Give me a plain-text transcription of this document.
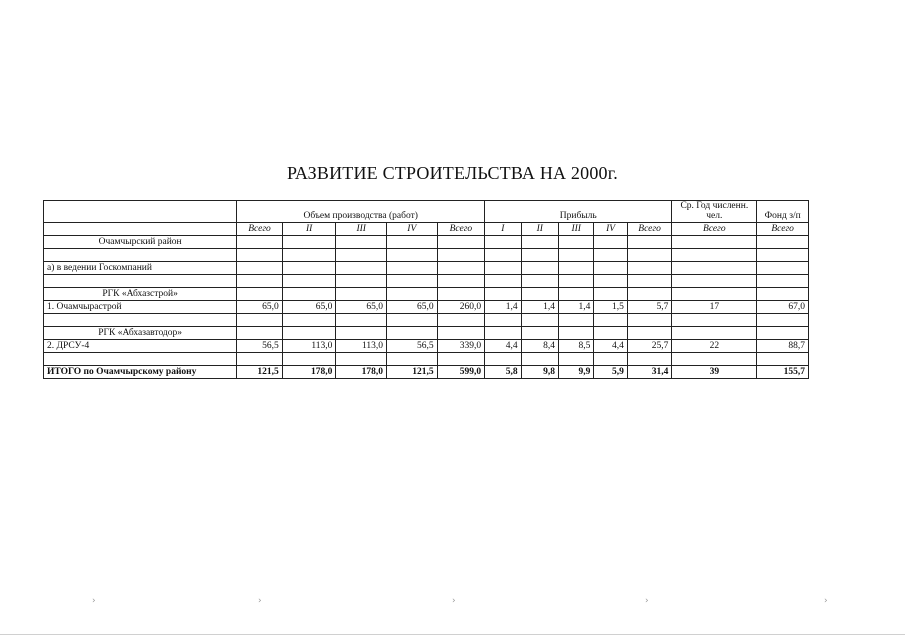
РАЗВИТИЕ СТРОИТЕЛЬСТВА НА 2000г.
	Объем производства (работ)					Прибыль					Ср. Год численн. чел.	Фонд з/п
	Всего	II	III	IV	Всего	I	II	III	IV	Всего	Всего	Всего
Очамчырский район												

а) в ведении Госкомпаний												

РГК «Абхазстрой»												
1. Очамчырастрой	65,0	65,0	65,0	65,0	260,0	1,4	1,4	1,4	1,5	5,7	17	67,0

РГК «Абхазавтодор»												
2. ДРСУ-4	56,5	113,0	113,0	56,5	339,0	4,4	8,4	8,5	4,4	25,7	22	88,7

ИТОГО по Очамчырскому району	121,5	178,0	178,0	121,5	599,0	5,8	9,8	9,9	5,9	31,4	39	155,7
›	›	›	›	›
